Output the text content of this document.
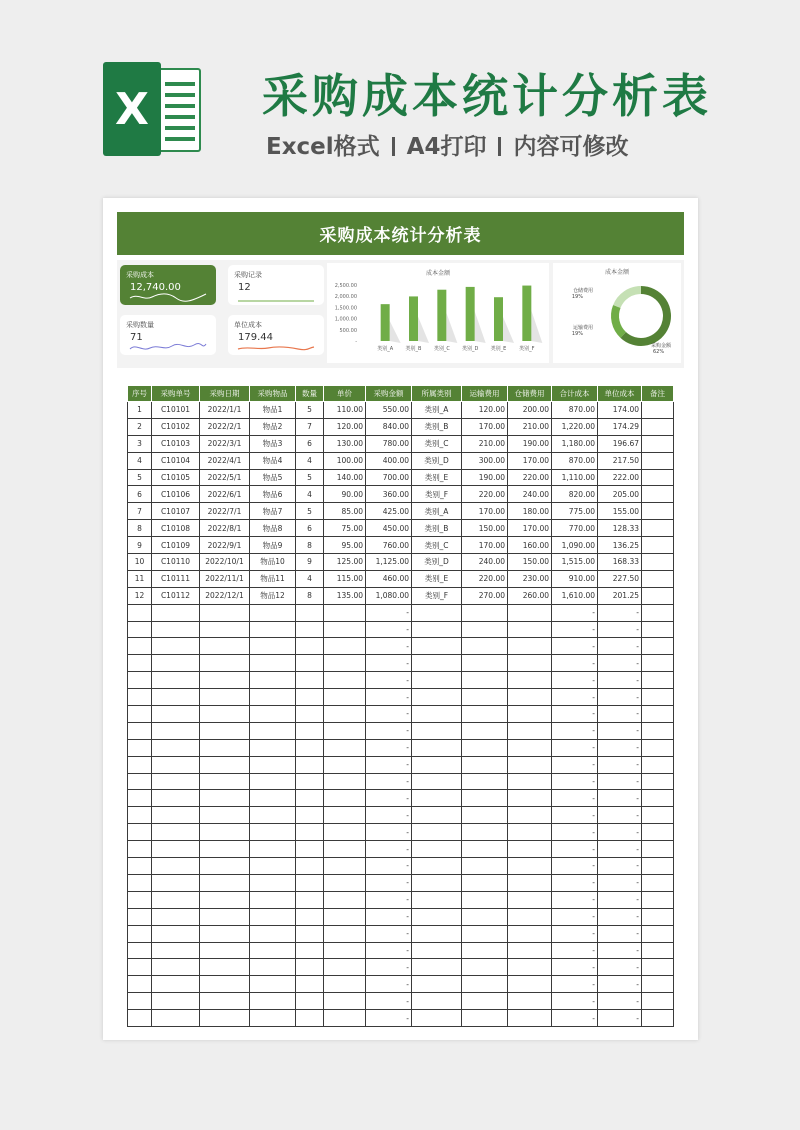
X 采购成本统计分析表
Excel格式 A4打印 内容可修改
采购成本统计分析表
采购成本
12,740.00
采购记录
12
采购数量
71
单位成本
179.44
成本金额
2,500.00
2,000.00
1,500.00
1,000.00
500.00
-
类别_A 类别_B 类别_C 类别_D 类别_E	类别_F
成本金额
采购金额
62%
运输费用
19%
仓储费用
19%
序号	采购单号	采购日期	采购物品	数量	单价	采购金额	所属类别	运输费用	仓储费用	合计成本	单位成本	备注
1	C10101	2022/1/1	物品1	5	110.00	550.00	类别_A	120.00	200.00	870.00	174.00	
2	C10102	2022/2/1	物品2	7	120.00	840.00	类别_B	170.00	210.00	1,220.00	174.29	
3	C10103	2022/3/1	物品3	6	130.00	780.00	类别_C	210.00	190.00	1,180.00	196.67	
4	C10104	2022/4/1	物品4	4	100.00	400.00	类别_D	300.00	170.00	870.00	217.50	
5	C10105	2022/5/1	物品5	5	140.00	700.00	类别_E	190.00	220.00	1,110.00	222.00	
6	C10106	2022/6/1	物品6	4	90.00	360.00	类别_F	220.00	240.00	820.00	205.00	
7	C10107	2022/7/1	物品7	5	85.00	425.00	类别_A	170.00	180.00	775.00	155.00	
8	C10108	2022/8/1	物品8	6	75.00	450.00	类别_B	150.00	170.00	770.00	128.33	
9	C10109	2022/9/1	物品9	8	95.00	760.00	类别_C	170.00	160.00	1,090.00	136.25	
10	C10110	2022/10/1	物品10	9	125.00	1,125.00	类别_D	240.00	150.00	1,515.00	168.33	
11	C10111	2022/11/1	物品11	4	115.00	460.00	类别_E	220.00	230.00	910.00	227.50	
12	C10112	2022/12/1	物品12	8	135.00	1,080.00	类别_F	270.00	260.00	1,610.00	201.25	
						-				-	-	
						-				-	-	
						-				-	-	
						-				-	-	
						-				-	-	
						-				-	-	
						-				-	-	
						-				-	-	
						-				-	-	
						-				-	-	
						-				-	-	
						-				-	-	
						-				-	-	
						-				-	-	
						-				-	-	
						-				-	-	
						-				-	-	
						-				-	-	
						-				-	-	
						-				-	-	
						-				-	-	
						-				-	-	
						-				-	-	
						-				-	-	
						-				-	-	
